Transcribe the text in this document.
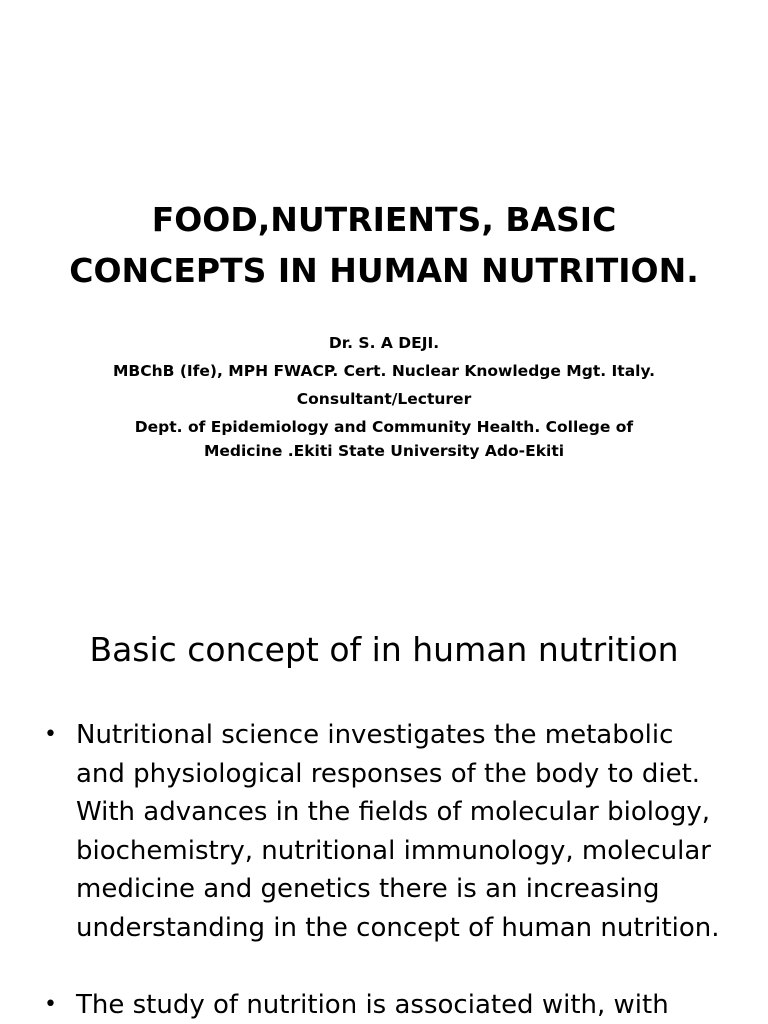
FOOD,NUTRIENTS, BASIC
CONCEPTS IN HUMAN NUTRITION.
Dr. S. A DEJI.
MBChB (Ife), MPH FWACP. Cert. Nuclear Knowledge Mgt. Italy.
Consultant/Lecturer
Dept. of Epidemiology and Community Health. College of
Medicine .Ekiti State University Ado-Ekiti
Basic concept of in human nutrition
• Nutritional science investigates the metabolic
and physiological responses of the body to diet.
With advances in the fields of molecular biology,
biochemistry, nutritional immunology, molecular
medicine and genetics there is an increasing
understanding in the concept of human nutrition.
• The study of nutrition is associated with, with
